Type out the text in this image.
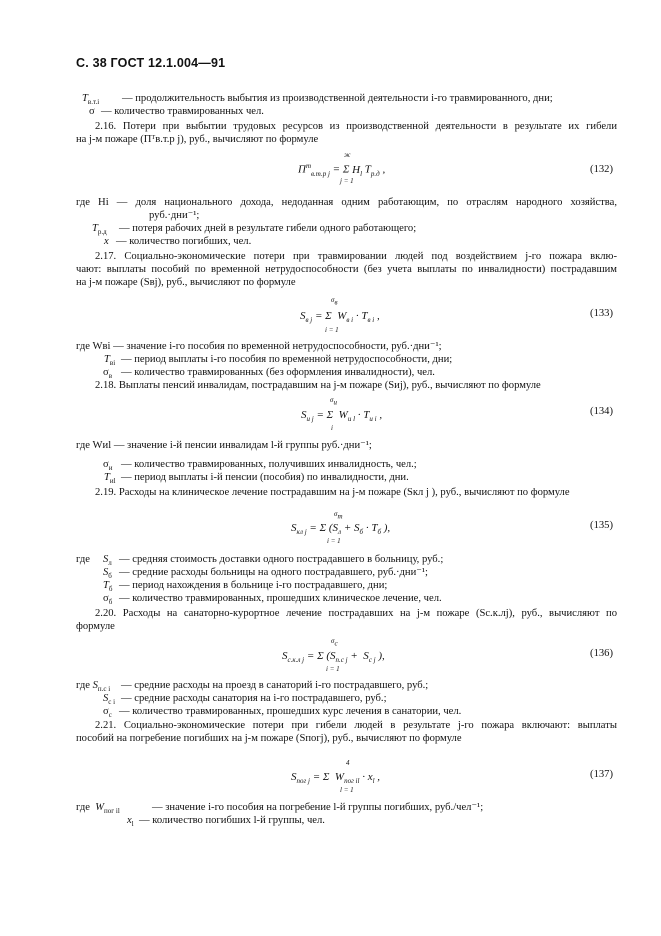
С. 38 ГОСТ 12.1.004—91
$T_{в.т.i}$ — продолжительность выбытия из производственной деятельности i-го травмированного, дни;
σ — количество травмированных чел.
2.16. Потери при выбытии трудовых ресурсов из производственной деятельности в результате их гибели
на j-м пожаре (Пᵀв.т.р j), руб., вычисляют по формуле
$П^т_{в.т.р j} = \Sigma$ $H_l$ $T_{р.д}$ ,
ж
j = 1
(132)
где Hi — доля национального дохода, недоданная одним работающим, по отраслям народного хозяйства,
руб.·дни⁻¹;
$T_{р.д}$ — потеря рабочих дней в результате гибели одного работающего;
x — количество погибших, чел.
2.17. Социально-экономические потери при травмировании людей под воздействием j-го пожара вклю-
чают: выплаты пособий по временной нетрудоспособности (без учета выплаты по инвалидности) пострадавшим
на j-м пожаре (Sвj), руб., вычисляют по формуле
$\sigma_в$
$S_{в j} = \Sigma$  $W_{в i} \cdot T_{в i}$ ,
i = 1
(133)
где Wвi — значение i-го пособия по временной нетрудоспособности, руб.·дни⁻¹;
$T_{вi}$ — период выплаты i-го пособия по временной нетрудоспособности, дни;
$\sigma_в$ — количество травмированных (без оформления инвалидности), чел.
2.18. Выплаты пенсий инвалидам, пострадавшим на j-м пожаре (Sиj), руб., вычисляют по формуле
$\sigma_и$
$S_{и j} = \Sigma$  $W_{и l} \cdot T_{и i}$ ,
i
(134)
где Wиl — значение i-й пенсии инвалидам l-й группы руб.·дни⁻¹;
$\sigma_и$ — количество травмированных, получивших инвалидность, чел.;
$T_{иl}$ — период выплаты i-й пенсии (пособия) по инвалидности, дни.
2.19. Расходы на клиническое лечение пострадавшим на j-м пожаре (Sкл j ), руб., вычисляют по формуле
$\sigma_т$
$S_{кл j} = \Sigma$ ($S_л + S_б \cdot T_б$ ),
i = 1
(135)
где $S_л$ — средняя стоимость доставки одного пострадавшего в больницу, руб.;
$S_б$ — средние расходы больницы на одного пострадавшего, руб.·дни⁻¹;
$T_б$ — период нахождения в больнице i-го пострадавшего, дни;
$\sigma_б$ — количество травмированных, прошедших клиническое лечение, чел.
2.20. Расходы на санаторно-курортное лечение пострадавших на j-м пожаре (Sс.к.лj), руб., вычисляют по
формуле
$\sigma_с$
$S_{с.к.л j} = \Sigma$ ($S_{п.с j} + S_{с j}$ ),
i = 1
(136)
где $S_{п.с i}$ — средние расходы на проезд в санаторий i-го пострадавшего, руб.;
$S_{с i}$ — средние расходы санатория на i-го пострадавшего, руб.;
$\sigma_с$ — количество травмированных, прошедших курс лечения в санатории, чел.
2.21. Социально-экономические потери при гибели людей в результате j-го пожара включают: выплаты
пособий на погребение погибших на j-м пожаре (Sпогj), руб., вычисляют по формуле
4
$S_{пог j} = \Sigma$  $W_{пог il} \cdot x_l$ ,
l = 1
(137)
где  $W_{пог il}$	— значение i-го пособия на погребение l-й группы погибших, руб./чел⁻¹;
$x_l$ — количество погибших l-й группы, чел.
